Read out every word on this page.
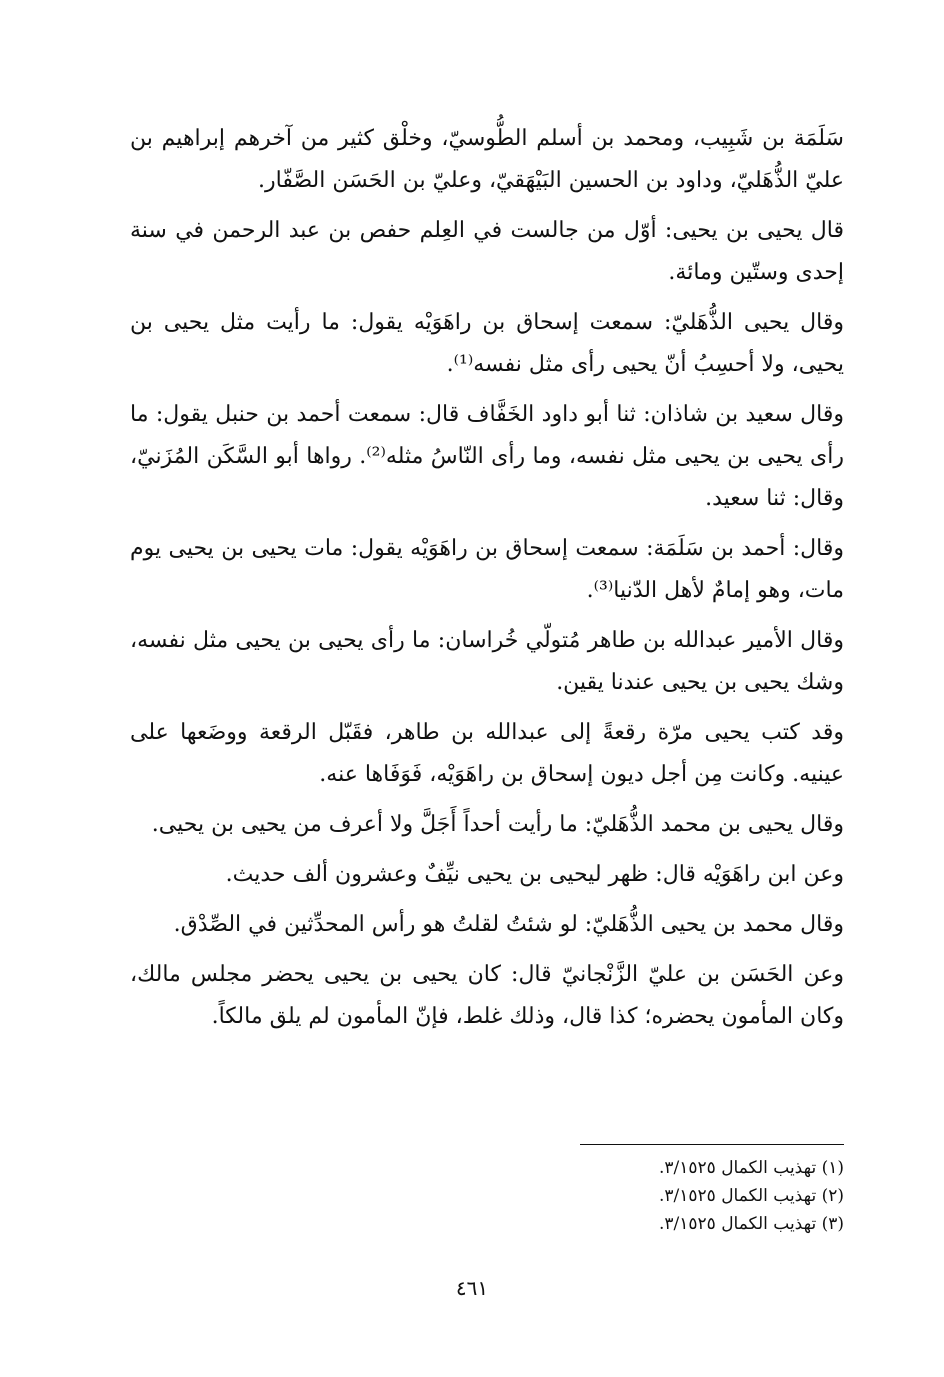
سَلَمَة بن شَبِيب، ومحمد بن أسلم الطُّوسيّ، وخلْق كثير من آخرهم إبراهيم بن عليّ الذُّهَليّ، وداود بن الحسين البَيْهَقيّ، وعليّ بن الحَسَن الصَّفّار.

قال يحيى بن يحيى: أوّل من جالست في العِلم حفص بن عبد الرحمن في سنة إحدى وستّين ومائة.

وقال يحيى الذُّهَليّ: سمعت إسحاق بن راهَوَيْه يقول: ما رأيت مثل يحيى بن يحيى، ولا أحسِبُ أنّ يحيى رأى مثل نفسه⁽¹⁾.

وقال سعيد بن شاذان: ثنا أبو داود الخَفَّاف قال: سمعت أحمد بن حنبل يقول: ما رأى يحيى بن يحيى مثل نفسه، وما رأى النّاسُ مثله⁽²⁾. رواها أبو السَّكَن المُزَنيّ، وقال: ثنا سعيد.

وقال: أحمد بن سَلَمَة: سمعت إسحاق بن راهَوَيْه يقول: مات يحيى بن يحيى يوم مات، وهو إمامٌ لأهل الدّنيا⁽³⁾.

وقال الأمير عبدالله بن طاهر مُتولّي خُراسان: ما رأى يحيى بن يحيى مثل نفسه، وشك يحيى بن يحيى عندنا يقين.

وقد كتب يحيى مرّة رقعةً إلى عبدالله بن طاهر، فقَبّل الرقعة ووضَعها على عينيه. وكانت مِن أجل ديون إسحاق بن راهَوَيْه، فَوَفَاها عنه.

وقال يحيى بن محمد الذُّهَليّ: ما رأيت أحداً أَجَلَّ ولا أعرف من يحيى بن يحيى.

وعن ابن راهَوَيْه قال: ظهر ليحيى بن يحيى نيِّفٌ وعشرون ألف حديث.

وقال محمد بن يحيى الذُّهَليّ: لو شئتُ لقلتُ هو رأس المحدِّثين في الصِّدْق.

وعن الحَسَن بن عليّ الزَّنْجانيّ قال: كان يحيى بن يحيى يحضر مجلس مالك، وكان المأمون يحضره؛ كذا قال، وذلك غلط، فإنّ المأمون لم يلق مالكاً.

(١) تهذيب الكمال ٣/١٥٢٥.

(٢) تهذيب الكمال ٣/١٥٢٥.

(٣) تهذيب الكمال ٣/١٥٢٥.

٤٦١
